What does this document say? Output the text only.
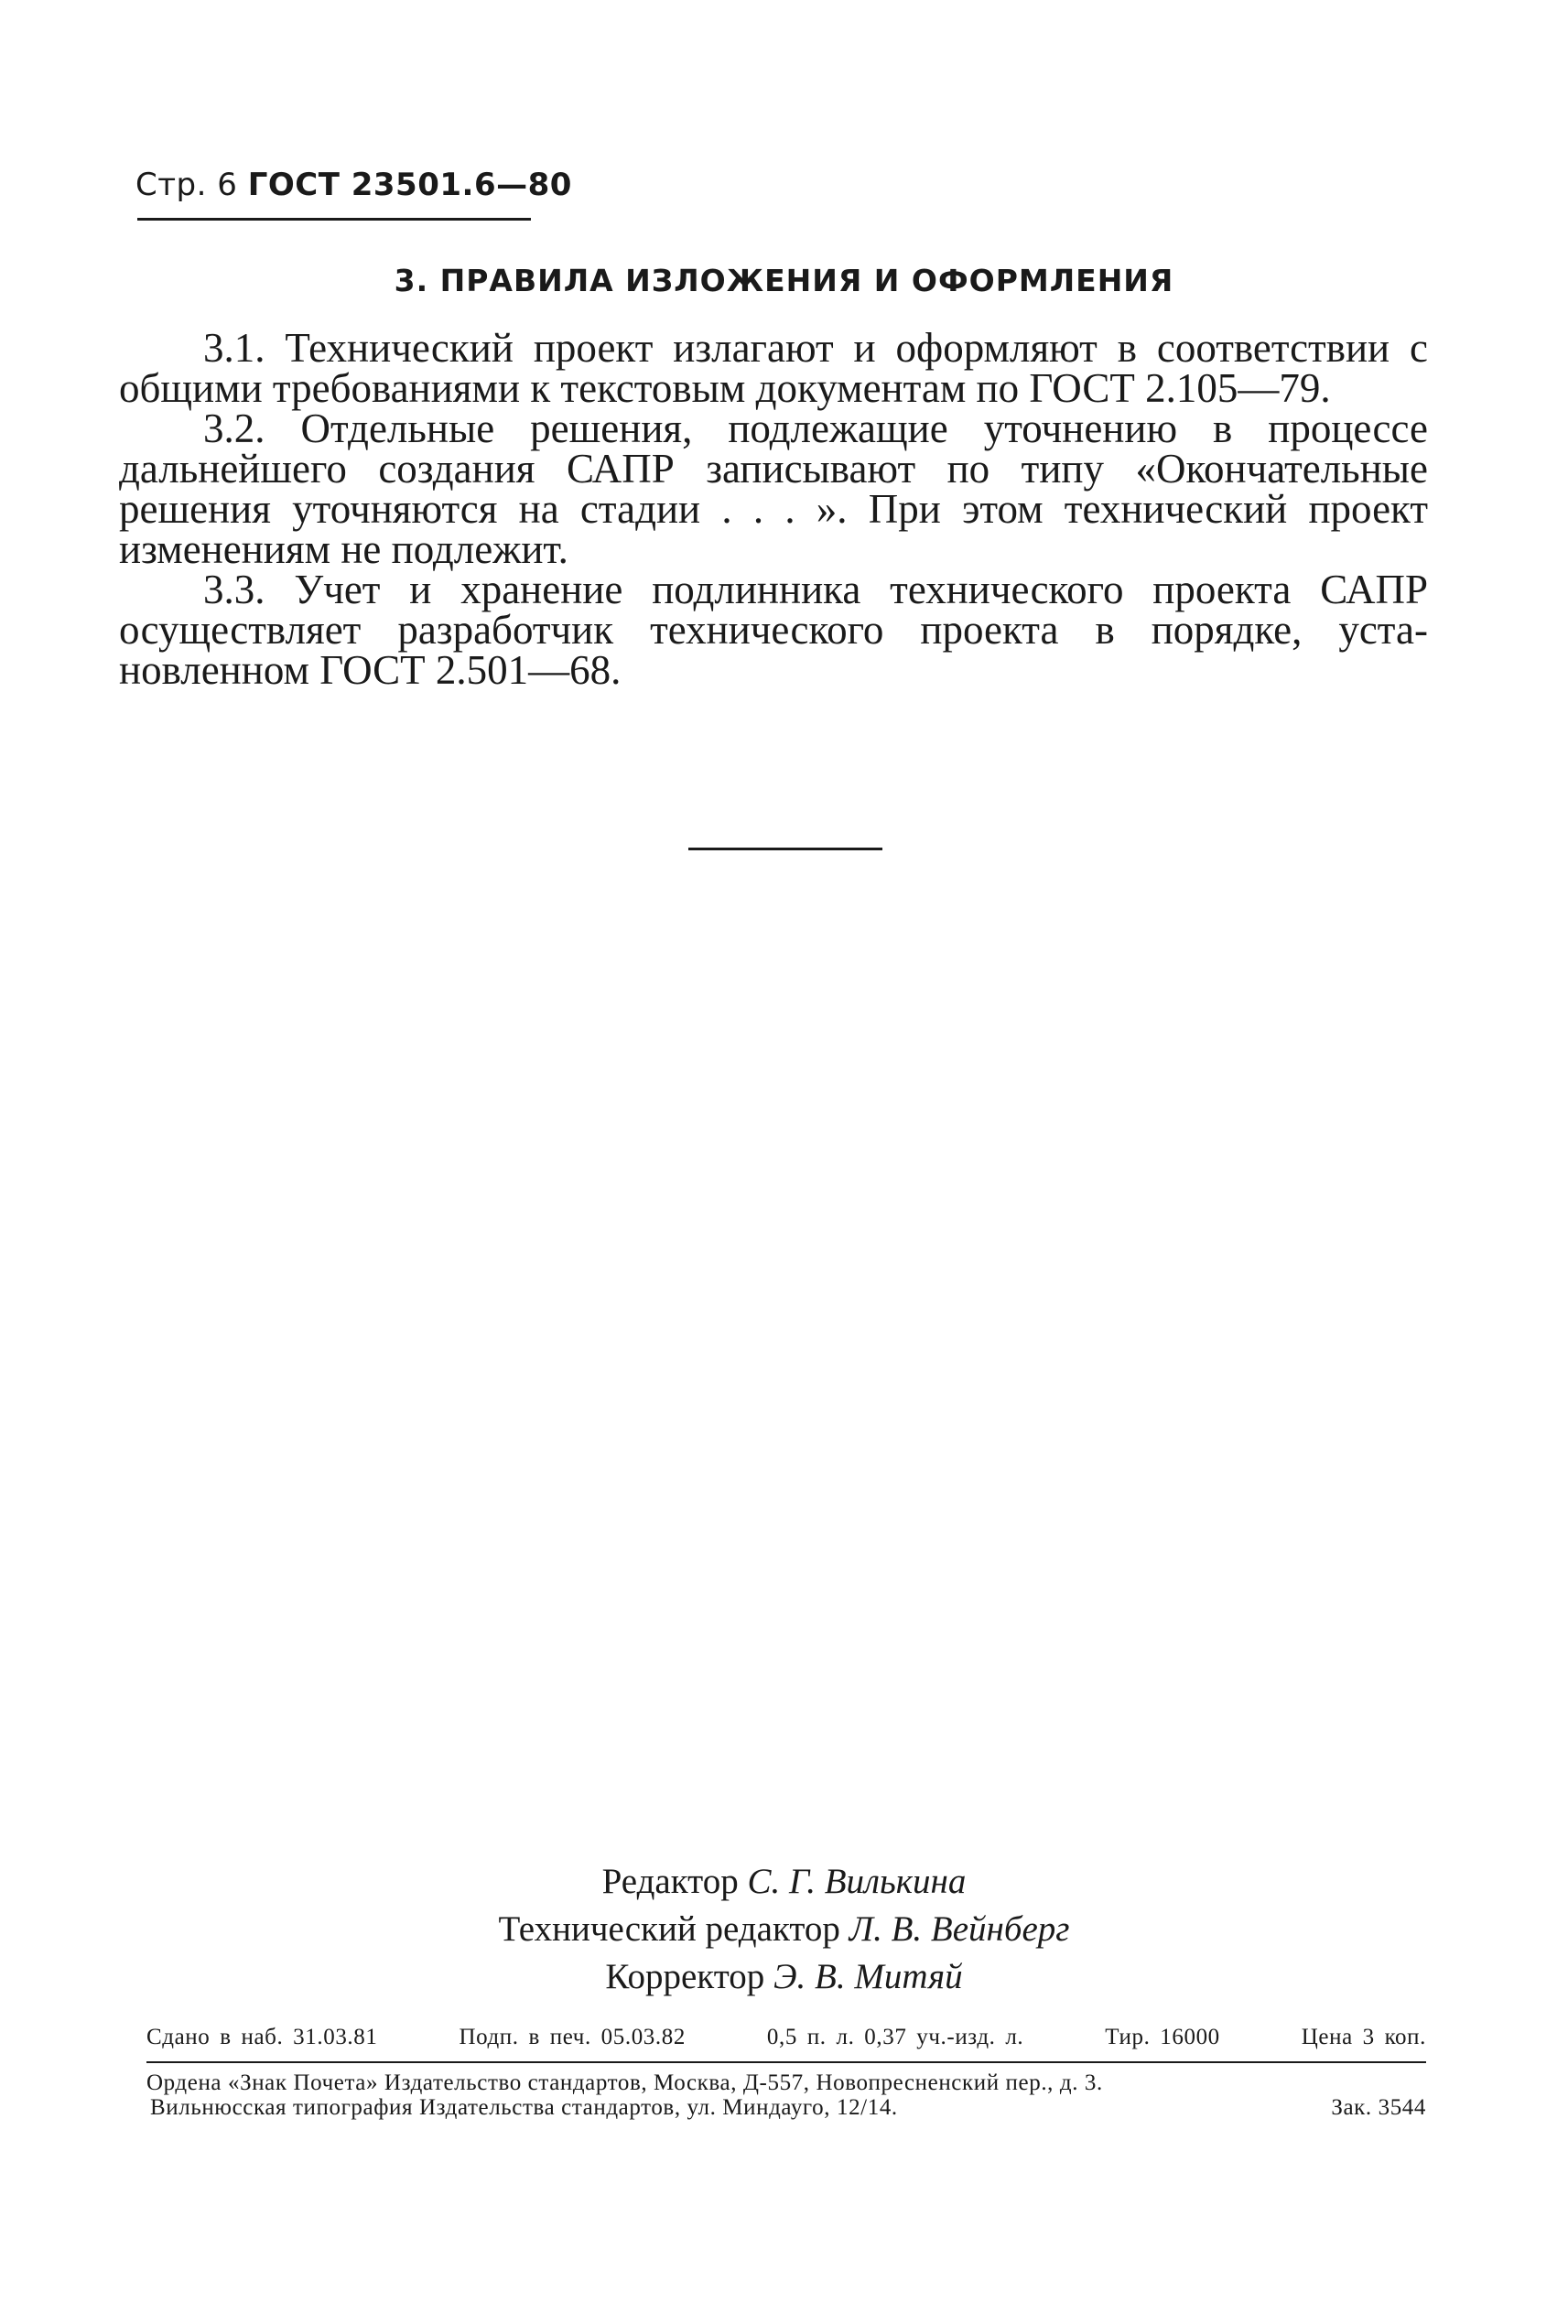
Стр. 6 ГОСТ 23501.6—80
3. ПРАВИЛА ИЗЛОЖЕНИЯ И ОФОРМЛЕНИЯ

3.1. Технический проект излагают и оформляют в соответствии с общими требованиями к текстовым документам по ГОСТ 2.105—79.

3.2. Отдельные решения, подлежащие уточнению в процессе дальнейшего создания САПР записывают по типу «Окончательные решения уточняются на стадии . . . ». При этом технический проект изменениям не подлежит.

3.3. Учет и хранение подлинника технического проекта САПР осуществляет разработчик технического проекта в порядке, установленном ГОСТ 2.501—68.

Редактор С. Г. Вилькина
Технический редактор Л. В. Вейнберг
Корректор Э. В. Митяй
Сдано в наб. 31.03.81	Подп. в печ. 05.03.82	0,5 п. л. 0,37 уч.-изд. л.	Тир. 16000	Цена 3 коп.
Ордена «Знак Почета» Издательство стандартов, Москва, Д-557, Новопресненский пер., д. 3.
Вильнюсская типография Издательства стандартов, ул. Миндауго, 12/14.	Зак. 3544
